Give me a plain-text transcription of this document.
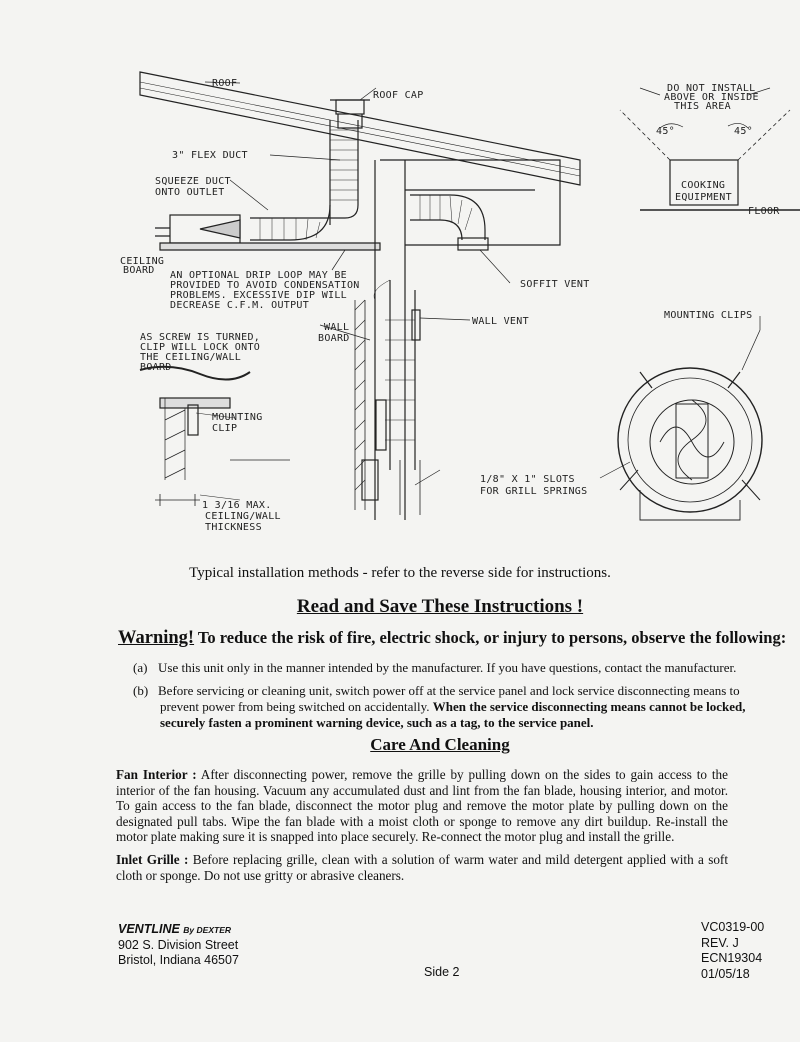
ROOF
ROOF CAP
3" FLEX DUCT
SQUEEZE DUCT
ONTO OUTLET
CEILING
BOARD AN OPTIONAL DRIP LOOP MAY BE
PROVIDED TO AVOID CONDENSATION
PROBLEMS. EXCESSIVE DIP WILL
DECREASE C.F.M. OUTPUT
SOFFIT VENT
WALL
BOARD
WALL VENT
AS SCREW IS TURNED,
CLIP WILL LOCK ONTO
THE CEILING/WALL
BOARD
MOUNTING
CLIP
1 3/16 MAX.
CEILING/WALL
THICKNESS
DO NOT INSTALL
ABOVE OR INSIDE
THIS AREA
45°	45°
COOKING
EQUIPMENT
FLOOR
MOUNTING CLIPS
1/8" X 1" SLOTS
FOR GRILL SPRINGS
Typical installation methods - refer to the reverse side for instructions.
Read and Save These Instructions !
Warning! To reduce the risk of fire, electric shock, or injury to persons, observe the following:
(a) Use this unit only in the manner intended by the manufacturer. If you have questions, contact the manufacturer.
(b) Before servicing or cleaning unit, switch power off at the service panel and lock service disconnecting means to
prevent power from being switched on accidentally. When the service disconnecting means cannot be locked,
securely fasten a prominent warning device, such as a tag, to the service panel.
Care And Cleaning
Fan Interior : After disconnecting power, remove the grille by pulling down on the sides to gain access to the interior of the fan housing. Vacuum any accumulated dust and lint from the fan blade, housing interior, and motor. To gain access to the fan blade, disconnect the motor plug and remove the motor plate by pulling down on the designated pull tabs. Wipe the fan blade with a moist cloth or sponge to remove any dirt buildup. Re-install the motor plate making sure it is snapped into place securely. Re-connect the motor plug and install the grille.
Inlet Grille : Before replacing grille, clean with a solution of warm water and mild detergent applied with a soft cloth or sponge. Do not use gritty or abrasive cleaners.
VENTLINE By DEXTER
902 S. Division Street
Bristol, Indiana 46507
Side 2
VC0319-00
REV. J
ECN19304
01/05/18
